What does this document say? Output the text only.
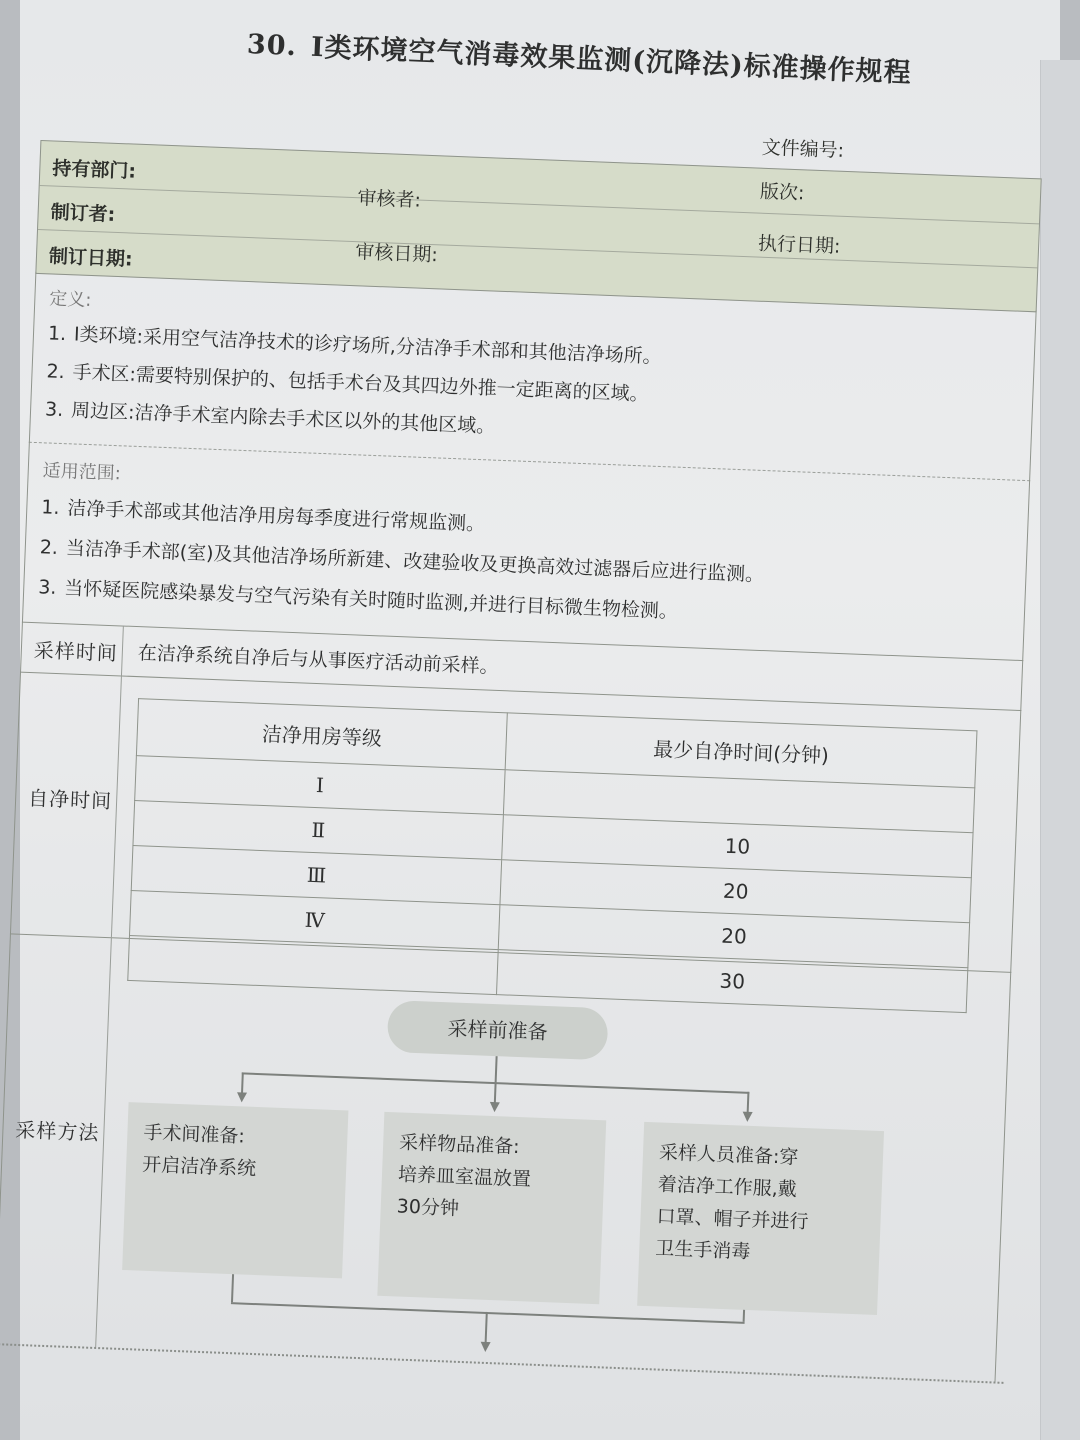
30. Ⅰ类环境空气消毒效果监测(沉降法)标准操作规程
持有部门:
文件编号:
版次:
制订者:
审核者:
执行日期:
制订日期:	审核日期:
定义:
1. Ⅰ类环境:采用空气洁净技术的诊疗场所,分洁净手术部和其他洁净场所。
2. 手术区:需要特别保护的、包括手术台及其四边外推一定距离的区域。
3. 周边区:洁净手术室内除去手术区以外的其他区域。
适用范围:
1. 洁净手术部或其他洁净用房每季度进行常规监测。
2. 当洁净手术部(室)及其他洁净场所新建、改建验收及更换高效过滤器后应进行监测。
3. 当怀疑医院感染暴发与空气污染有关时随时监测,并进行目标微生物检测。
采样时间 在洁净系统自净后与从事医疗活动前采样。
自净时间
洁净用房等级	最少自净时间(分钟)
Ⅰ	
Ⅱ	10
Ⅲ	20
Ⅳ	20
	30
采样方法
采样前准备
手术间准备:
开启洁净系统
采样物品准备:
培养皿室温放置
30分钟
采样人员准备:穿
着洁净工作服,戴
口罩、帽子并进行
卫生手消毒
